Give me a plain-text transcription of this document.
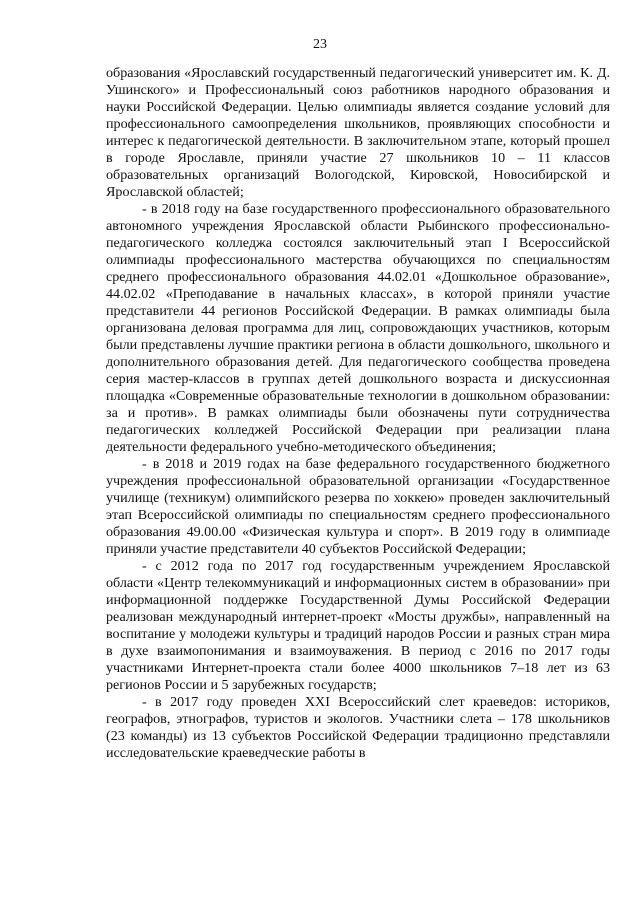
23

образования «Ярославский государственный педагогический университет им. К. Д. Ушинского» и Профессиональный союз работников народного образования и науки Российской Федерации. Целью олимпиады является создание условий для профессионального самоопределения школьников, проявляющих способности и интерес к педагогической деятельности. В заключительном этапе, который прошел в городе Ярославле, приняли участие 27 школьников 10 – 11 классов образовательных организаций Вологодской, Кировской, Новосибирской и Ярославской областей;

- в 2018 году на базе государственного профессионального образовательного автономного учреждения Ярославской области Рыбинского профессионально-педагогического колледжа состоялся заключительный этап I Всероссийской олимпиады профессионального мастерства обучающихся по специальностям среднего профессионального образования 44.02.01 «Дошкольное образование», 44.02.02 «Преподавание в начальных классах», в которой приняли участие представители 44 регионов Российской Федерации. В рамках олимпиады была организована деловая программа для лиц, сопровождающих участников, которым были представлены лучшие практики региона в области дошкольного, школьного и дополнительного образования детей. Для педагогического сообщества проведена серия мастер-классов в группах детей дошкольного возраста и дискуссионная площадка «Современные образовательные технологии в дошкольном образовании: за и против». В рамках олимпиады были обозначены пути сотрудничества педагогических колледжей Российской Федерации при реализации плана деятельности федерального учебно-методического объединения;

- в 2018 и 2019 годах на базе федерального государственного бюджетного учреждения профессиональной образовательной организации «Государственное училище (техникум) олимпийского резерва по хоккею» проведен заключительный этап Всероссийской олимпиады по специальностям среднего профессионального образования 49.00.00 «Физическая культура и спорт». В 2019 году в олимпиаде приняли участие представители 40 субъектов Российской Федерации;

- с 2012 года по 2017 год государственным учреждением Ярославской области «Центр телекоммуникаций и информационных систем в образовании» при информационной поддержке Государственной Думы Российской Федерации реализован международный интернет-проект «Мосты дружбы», направленный на воспитание у молодежи культуры и традиций народов России и разных стран мира в духе взаимопонимания и взаимоуважения. В период с 2016 по 2017 годы участниками Интернет-проекта стали более 4000 школьников 7–18 лет из 63 регионов России и 5 зарубежных государств;

- в 2017 году проведен XXI Всероссийский слет краеведов: историков, географов, этнографов, туристов и экологов. Участники слета – 178 школьников (23 команды) из 13 субъектов Российской Федерации традиционно представляли исследовательские краеведческие работы в
